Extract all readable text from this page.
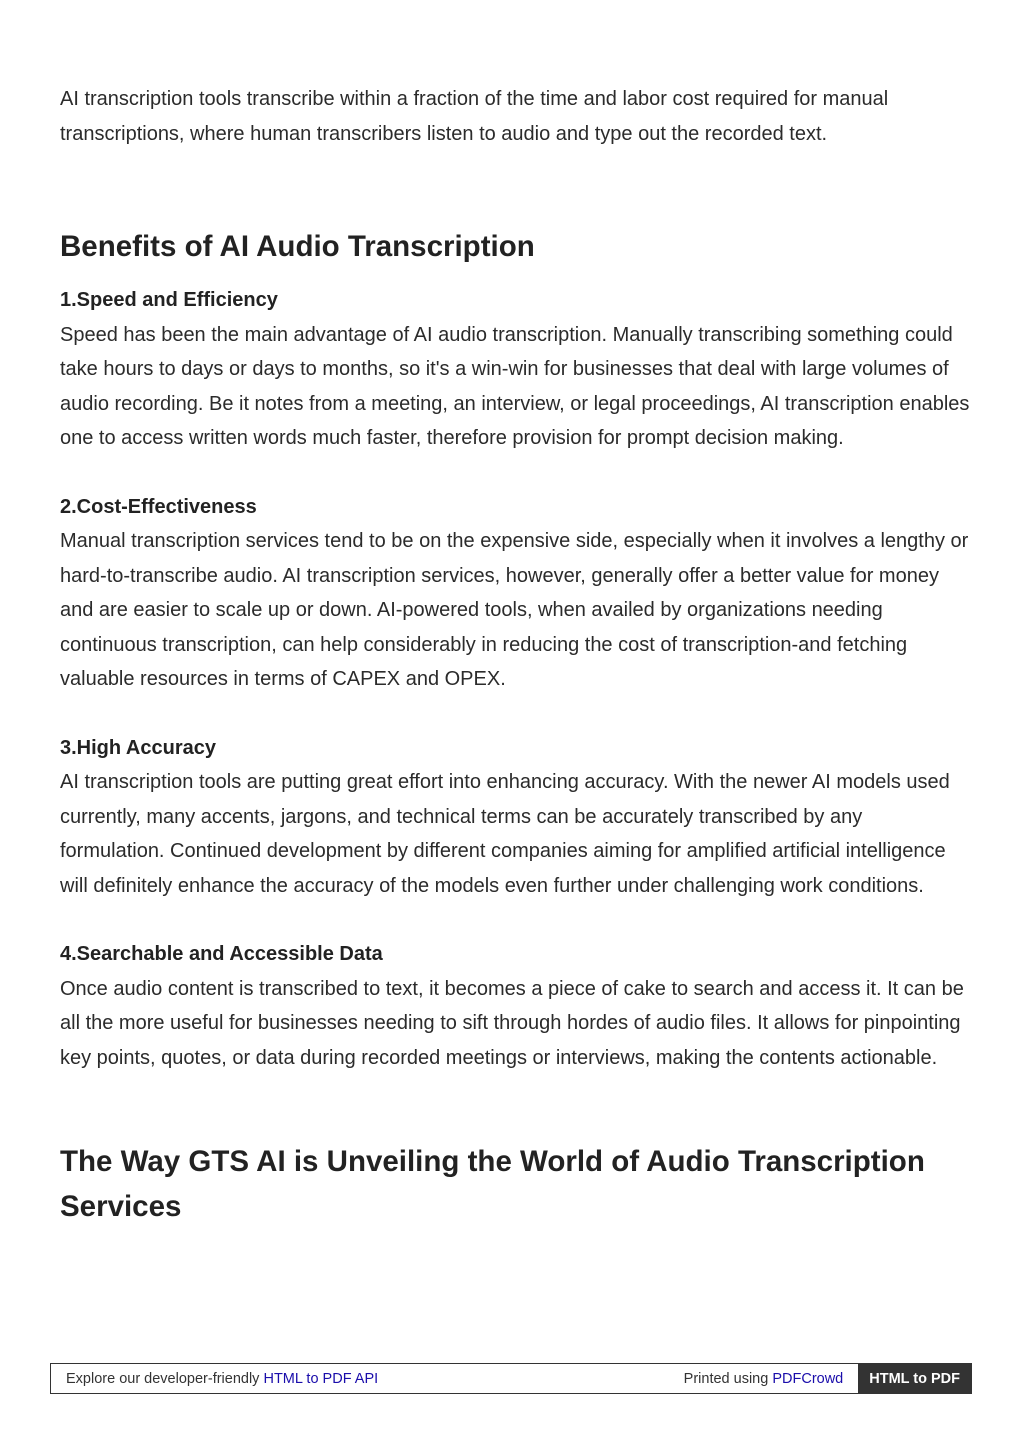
AI transcription tools transcribe within a fraction of the time and labor cost required for manual transcriptions, where human transcribers listen to audio and type out the recorded text.

Benefits of AI Audio Transcription
1.Speed and Efficiency

Speed has been the main advantage of AI audio transcription. Manually transcribing something could take hours to days or days to months, so it's a win-win for businesses that deal with large volumes of audio recording. Be it notes from a meeting, an interview, or legal proceedings, AI transcription enables one to access written words much faster, therefore provision for prompt decision making.

2.Cost-Effectiveness

Manual transcription services tend to be on the expensive side, especially when it involves a lengthy or hard-to-transcribe audio. AI transcription services, however, generally offer a better value for money and are easier to scale up or down. AI-powered tools, when availed by organizations needing continuous transcription, can help considerably in reducing the cost of transcription-and fetching valuable resources in terms of CAPEX and OPEX.

3.High Accuracy

AI transcription tools are putting great effort into enhancing accuracy. With the newer AI models used currently, many accents, jargons, and technical terms can be accurately transcribed by any formulation. Continued development by different companies aiming for amplified artificial intelligence will definitely enhance the accuracy of the models even further under challenging work conditions.

4.Searchable and Accessible Data

Once audio content is transcribed to text, it becomes a piece of cake to search and access it. It can be all the more useful for businesses needing to sift through hordes of audio files. It allows for pinpointing key points, quotes, or data during recorded meetings or interviews, making the contents actionable.

The Way GTS AI is Unveiling the World of Audio Transcription Services
Explore our developer-friendly HTML to PDF API	Printed using PDFCrowd	HTML to PDF
